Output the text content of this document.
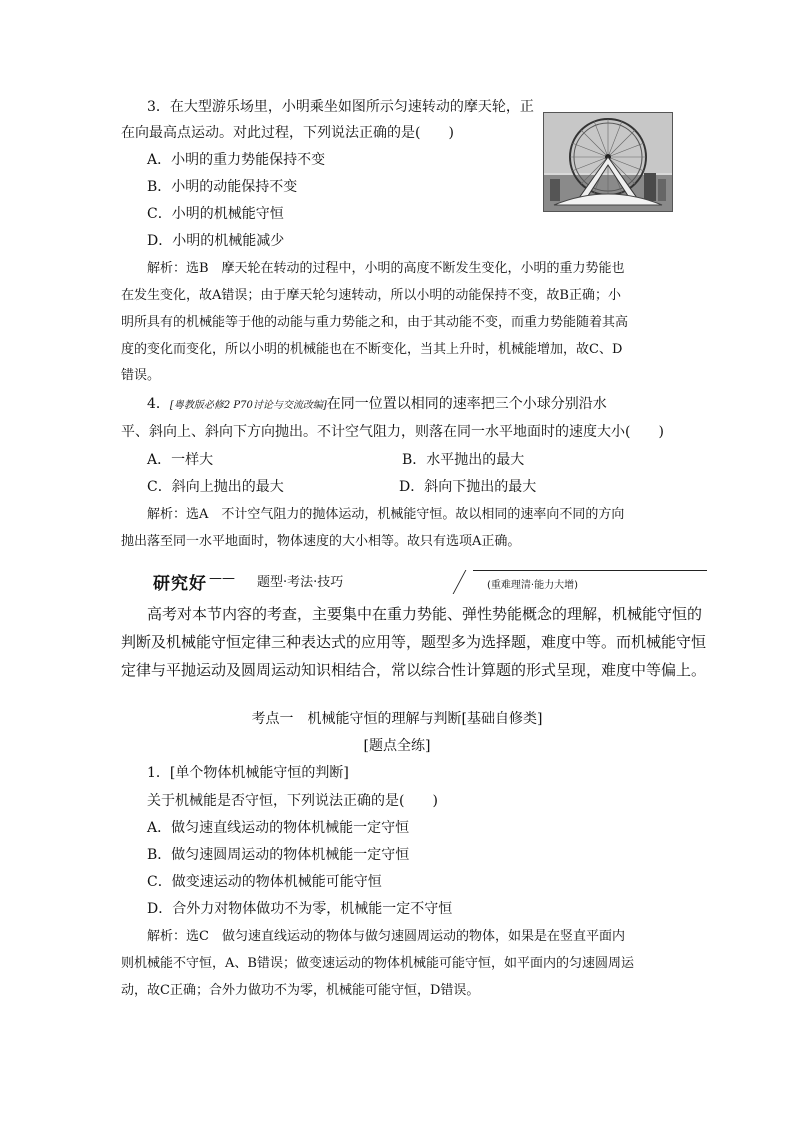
3．在大型游乐场里，小明乘坐如图所示匀速转动的摩天轮，正
在向最高点运动。对此过程，下列说法正确的是(　　)
A．小明的重力势能保持不变
B．小明的动能保持不变
C．小明的机械能守恒
D．小明的机械能减少
解析：选B　摩天轮在转动的过程中，小明的高度不断发生变化，小明的重力势能也
在发生变化，故A错误；由于摩天轮匀速转动，所以小明的动能保持不变，故B正确；小
明所具有的机械能等于他的动能与重力势能之和，由于其动能不变，而重力势能随着其高
度的变化而变化，所以小明的机械能也在不断变化，当其上升时，机械能增加，故C、D
错误。
4．[粤教版必修2 P70讨论与交流改编]在同一位置以相同的速率把三个小球分别沿水
平、斜向上、斜向下方向抛出。不计空气阻力，则落在同一水平地面时的速度大小(　　)
A．一样大	B．水平抛出的最大
C．斜向上抛出的最大	D．斜向下抛出的最大
解析：选A　不计空气阻力的抛体运动，机械能守恒。故以相同的速率向不同的方向
抛出落至同一水平地面时，物体速度的大小相等。故只有选项A正确。
研究好 —— 题型·考法·技巧	(重难理清·能力大增)
高考对本节内容的考查，主要集中在重力势能、弹性势能概念的理解，机械能守恒的
判断及机械能守恒定律三种表达式的应用等，题型多为选择题，难度中等。而机械能守恒
定律与平抛运动及圆周运动知识相结合，常以综合性计算题的形式呈现，难度中等偏上。
考点一　机械能守恒的理解与判断[基础自修类]
[题点全练]
1．[单个物体机械能守恒的判断]
关于机械能是否守恒，下列说法正确的是(　　)
A．做匀速直线运动的物体机械能一定守恒
B．做匀速圆周运动的物体机械能一定守恒
C．做变速运动的物体机械能可能守恒
D．合外力对物体做功不为零，机械能一定不守恒
解析：选C　做匀速直线运动的物体与做匀速圆周运动的物体，如果是在竖直平面内
则机械能不守恒，A、B错误；做变速运动的物体机械能可能守恒，如平面内的匀速圆周运
动，故C正确；合外力做功不为零，机械能可能守恒，D错误。
